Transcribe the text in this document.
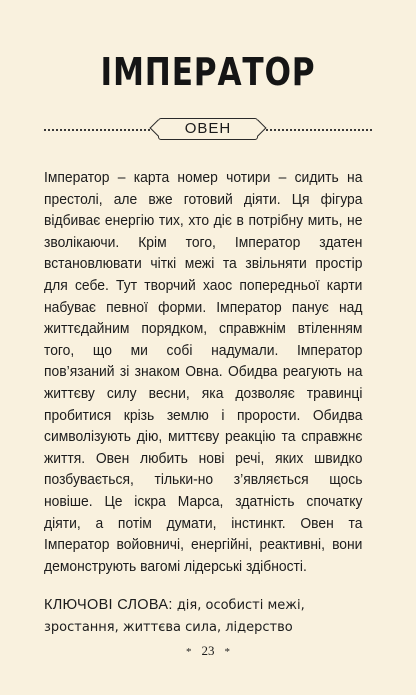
ІМПЕРАТОР
ОВЕН

Імператор – карта номер чотири – сидить на престолі, але вже готовий діяти. Ця фігура відбиває енергію тих, хто діє в потрібну мить, не зволікаючи. Крім того, Імператор здатен встановлювати чіткі межі та звільняти простір для себе. Тут творчий хаос попередньої карти набуває певної форми. Імператор панує над життєдайним порядком, справжнім втіленням того, що ми собі надумали. Імператор пов’язаний зі знаком Овна. Обидва реагують на життєву силу весни, яка дозволяє травинці пробитися крізь землю і прорости. Обидва символізують дію, миттєву реакцію та справжнє життя. Овен любить нові речі, яких швидко позбувається, тільки-но з’являється щось новіше. Це іскра Марса, здатність спочатку діяти, а потім думати, інстинкт. Овен та Імператор войовничі, енергійні, реактивні, вони демонструють вагомі лідерські здібності.

КЛЮЧОВІ СЛОВА: дія, особисті межі, зростання, життєва сила, лідерство

* 23 *
